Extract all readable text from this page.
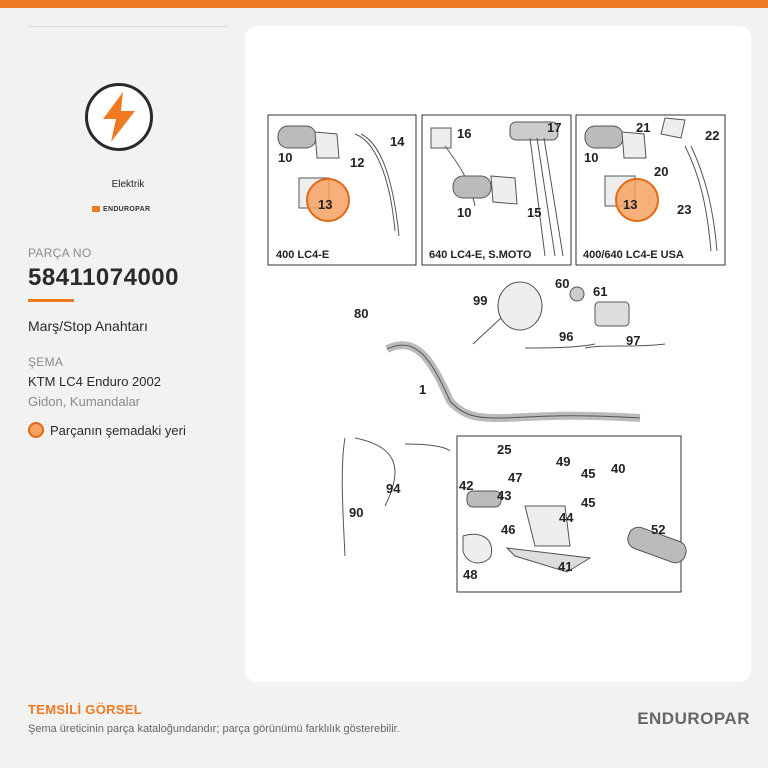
Elektrik
ENDUROPAR
PARÇA NO
58411074000
Marş/Stop Anahtarı
ŞEMA
KTM LC4 Enduro 2002
Gidon, Kumandalar
Parçanın şemadaki yeri
10	12
14
13
400 LC4-E
16	17
10	15
640 LC4-E, S.MOTO
21
22
10
20
13	23
400/640 LC4-E USA
80
99
60
61
96	97
1
25
47
49	40
42
43
45
45
46
44
94
90
52
48
41
TEMSİLİ GÖRSEL
Şema üreticinin parça kataloğundandır; parça görünümü farklılık gösterebilir.
ENDUROPAR
